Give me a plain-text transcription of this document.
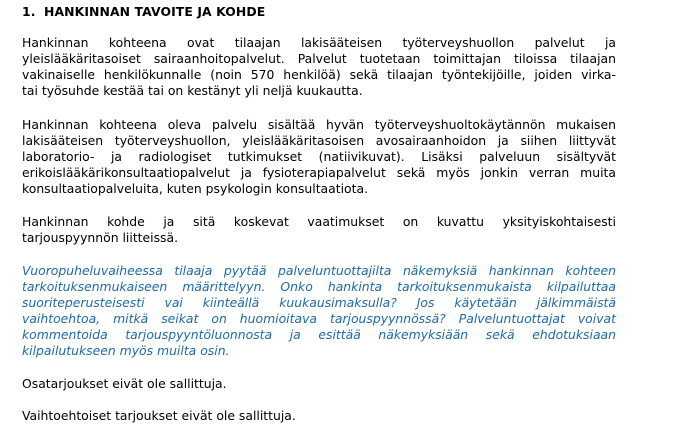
1. HANKINNAN TAVOITE JA KOHDE
Hankinnan kohteena ovat tilaajan lakisääteisen työterveyshuollon palvelut ja
yleislääkäritasoiset sairaanhoitopalvelut. Palvelut tuotetaan toimittajan tiloissa tilaajan
vakinaiselle henkilökunnalle (noin 570 henkilöä) sekä tilaajan työntekijöille, joiden virka-
tai työsuhde kestää tai on kestänyt yli neljä kuukautta.
Hankinnan kohteena oleva palvelu sisältää hyvän työterveyshuoltokäytännön mukaisen
lakisääteisen työterveyshuollon, yleislääkäritasoisen avosairaanhoidon ja siihen liittyvät
laboratorio- ja radiologiset tutkimukset (natiivikuvat). Lisäksi palveluun sisältyvät
erikoislääkärikonsultaatiopalvelut ja fysioterapiapalvelut sekä myös jonkin verran muita
konsultaatiopalveluita, kuten psykologin konsultaatiota.
Hankinnan kohde ja sitä koskevat vaatimukset on kuvattu yksityiskohtaisesti
tarjouspyynnön liitteissä.
Vuoropuheluvaiheessa tilaaja pyytää palveluntuottajilta näkemyksiä hankinnan kohteen
tarkoituksenmukaiseen määrittelyyn. Onko hankinta tarkoituksenmukaista kilpailuttaa
suoriteperusteisesti vai kiinteällä kuukausimaksulla? Jos käytetään jälkimmäistä
vaihtoehtoa, mitkä seikat on huomioitava tarjouspyynnössä? Palveluntuottajat voivat
kommentoida tarjouspyyntöluonnosta ja esittää näkemyksiään sekä ehdotuksiaan
kilpailutukseen myös muilta osin.
Osatarjoukset eivät ole sallittuja.
Vaihtoehtoiset tarjoukset eivät ole sallittuja.
